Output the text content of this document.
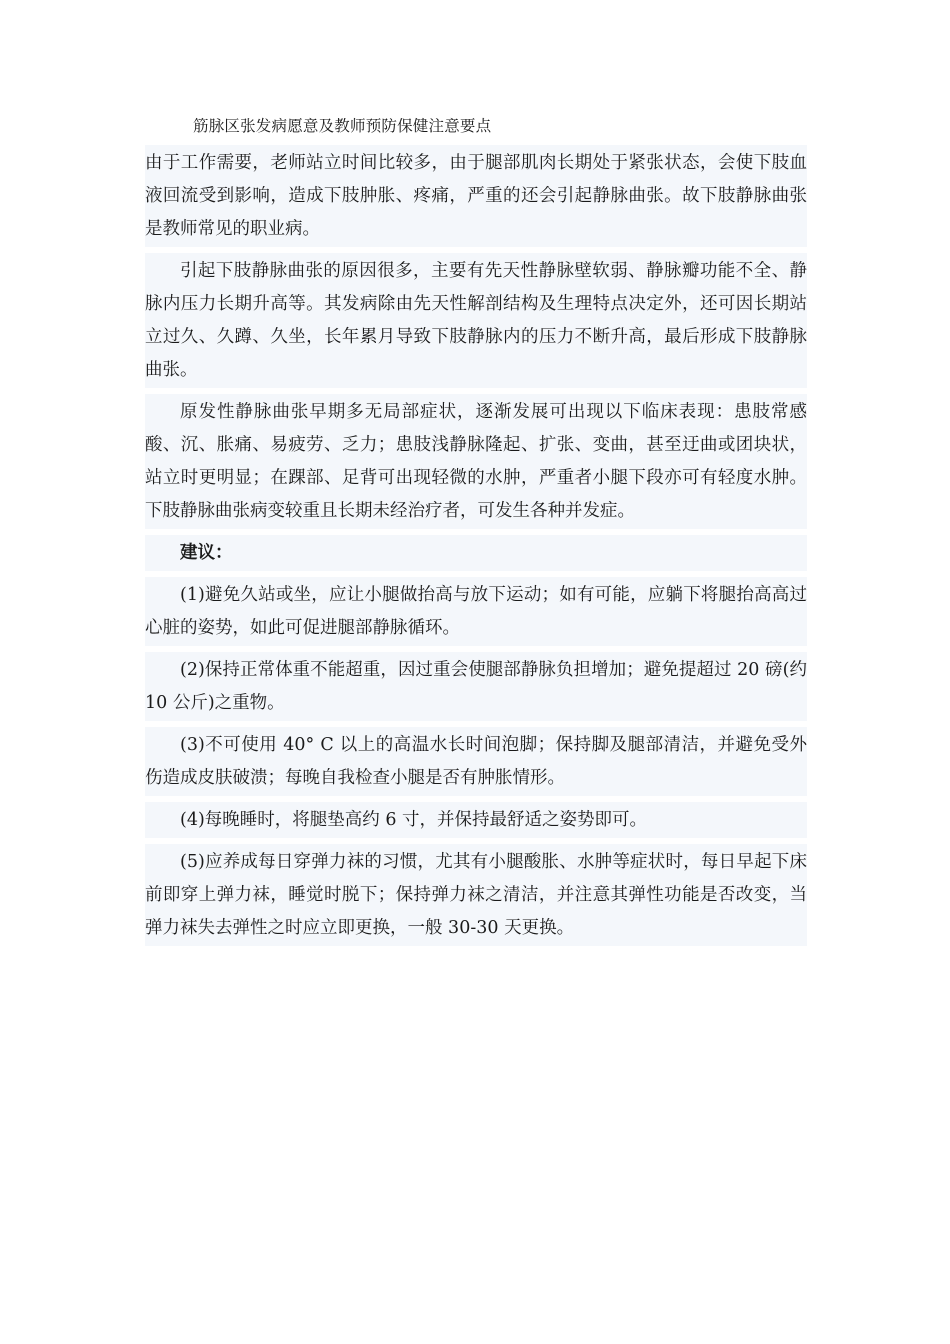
筋脉区张发病愿意及教师预防保健注意要点

由于工作需要，老师站立时间比较多，由于腿部肌肉长期处于紧张状态，会使下肢血液回流受到影响，造成下肢肿胀、疼痛，严重的还会引起静脉曲张。故下肢静脉曲张是教师常见的职业病。

引起下肢静脉曲张的原因很多，主要有先天性静脉壁软弱、静脉瓣功能不全、静脉内压力长期升高等。其发病除由先天性解剖结构及生理特点决定外，还可因长期站立过久、久蹲、久坐，长年累月导致下肢静脉内的压力不断升高，最后形成下肢静脉曲张。

原发性静脉曲张早期多无局部症状，逐渐发展可出现以下临床表现：患肢常感酸、沉、胀痛、易疲劳、乏力；患肢浅静脉隆起、扩张、变曲，甚至迂曲或团块状，站立时更明显；在踝部、足背可出现轻微的水肿，严重者小腿下段亦可有轻度水肿。下肢静脉曲张病变较重且长期未经治疗者，可发生各种并发症。

建议：

(1)避免久站或坐，应让小腿做抬高与放下运动；如有可能，应躺下将腿抬高高过心脏的姿势，如此可促进腿部静脉循环。

(2)保持正常体重不能超重，因过重会使腿部静脉负担增加；避免提超过 20 磅(约 10 公斤)之重物。

(3)不可使用 40° C 以上的高温水长时间泡脚；保持脚及腿部清洁，并避免受外伤造成皮肤破溃；每晚自我检查小腿是否有肿胀情形。

(4)每晚睡时，将腿垫高约 6 寸，并保持最舒适之姿势即可。

(5)应养成每日穿弹力袜的习惯，尤其有小腿酸胀、水肿等症状时，每日早起下床前即穿上弹力袜，睡觉时脱下；保持弹力袜之清洁，并注意其弹性功能是否改变，当弹力袜失去弹性之时应立即更换，一般 30-30 天更换。
